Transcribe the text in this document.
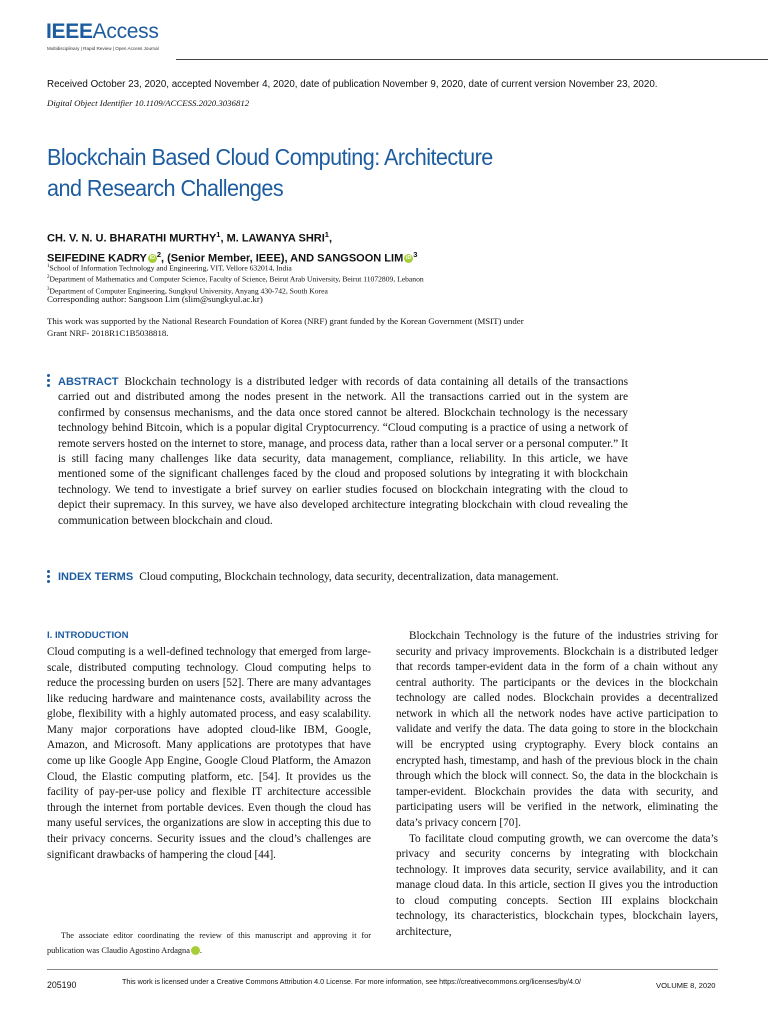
IEEEAccess
Multidisciplinary | Rapid Review | Open Access Journal
Received October 23, 2020, accepted November 4, 2020, date of publication November 9, 2020, date of current version November 23, 2020.
Digital Object Identifier 10.1109/ACCESS.2020.3036812
Blockchain Based Cloud Computing: Architecture
and Research Challenges
CH. V. N. U. BHARATHI MURTHY$^1$, M. LAWANYA SHRI$^1$,
SEIFEDINE KADRY iD $^2$, (Senior Member, IEEE), AND SANGSOON LIM iD $^3$
$^1$School of Information Technology and Engineering, VIT, Vellore 632014, India
$^2$Department of Mathematics and Computer Science, Faculty of Science, Beirut Arab University, Beirut 11072809, Lebanon
$^3$Department of Computer Engineering, Sungkyul University, Anyang 430-742, South Korea
Corresponding author: Sangsoon Lim (slim@sungkyul.ac.kr)
This work was supported by the National Research Foundation of Korea (NRF) grant funded by the Korean Government (MSIT) under
Grant NRF- 2018R1C1B5038818.

ABSTRACT Blockchain technology is a distributed ledger with records of data containing all details of the transactions carried out and distributed among the nodes present in the network. All the transactions carried out in the system are confirmed by consensus mechanisms, and the data once stored cannot be altered. Blockchain technology is the necessary technology behind Bitcoin, which is a popular digital Cryptocurrency. “Cloud computing is a practice of using a network of remote servers hosted on the internet to store, manage, and process data, rather than a local server or a personal computer.” It is still facing many challenges like data security, data management, compliance, reliability. In this article, we have mentioned some of the significant challenges faced by the cloud and proposed solutions by integrating it with blockchain technology. We tend to investigate a brief survey on earlier studies focused on blockchain integrating with the cloud to depict their supremacy. In this survey, we have also developed architecture integrating blockchain with cloud revealing the communication between blockchain and cloud.

INDEX TERMS Cloud computing, Blockchain technology, data security, decentralization, data management.

I. INTRODUCTION

Cloud computing is a well-defined technology that emerged from large-scale, distributed computing technology. Cloud computing helps to reduce the processing burden on users [52]. There are many advantages like reducing hardware and maintenance costs, availability across the globe, flexibility with a highly automated process, and easy scalability. Many major corporations have adopted cloud-like IBM, Google, Amazon, and Microsoft. Many applications are prototypes that have come up like Google App Engine, Google Cloud Platform, the Amazon Cloud, the Elastic computing platform, etc. [54]. It provides us the facility of pay-per-use policy and flexible IT architecture accessible through the internet from portable devices. Even though the cloud has many useful services, the organizations are slow in accepting this due to their privacy concerns. Security issues and the cloud’s challenges are significant drawbacks of hampering the cloud [44].

The associate editor coordinating the review of this manuscript and approving it for publication was Claudio Agostino Ardagna	iD.

Blockchain Technology is the future of the industries striving for security and privacy improvements. Blockchain is a distributed ledger that records tamper-evident data in the form of a chain without any central authority. The participants or the devices in the blockchain technology are called nodes. Blockchain provides a decentralized network in which all the network nodes have active participation to validate and verify the data. The data going to store in the blockchain will be encrypted using cryptography. Every block contains an encrypted hash, timestamp, and hash of the previous block in the chain through which the block will connect. So, the data in the blockchain is tamper-evident. Blockchain provides the data with security, and participating users will be verified in the network, eliminating the data’s privacy concern [70].

To facilitate cloud computing growth, we can overcome the data’s privacy and security concerns by integrating with blockchain technology. It improves data security, service availability, and it can manage cloud data. In this article, section II gives you the introduction to cloud computing concepts. Section III explains blockchain technology, its characteristics, blockchain types, blockchain layers, architecture,

205190	This work is licensed under a Creative Commons Attribution 4.0 License. For more information, see https://creativecommons.org/licenses/by/4.0/	VOLUME 8, 2020
